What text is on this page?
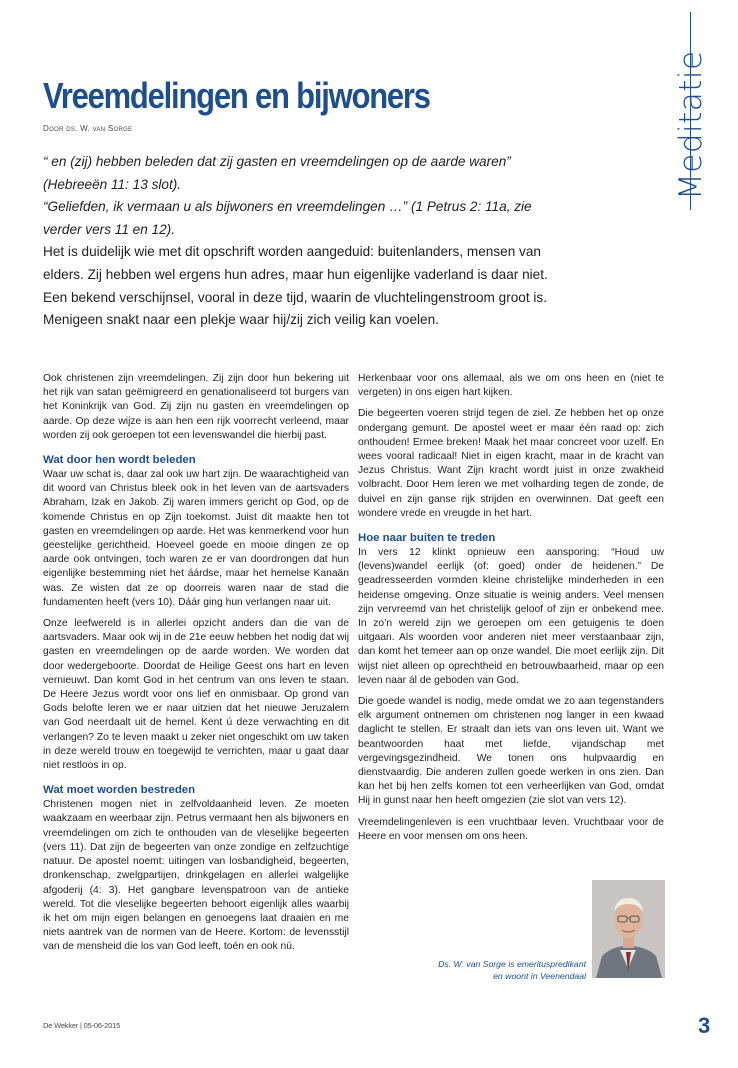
Meditatie
Vreemdelingen en bijwoners
Door ds. W. van Sorge

“ en (zij) hebben beleden dat zij gasten en vreemdelingen op de aarde waren” (Hebreeën 11: 13 slot).

“Geliefden, ik vermaan u als bijwoners en vreemdelingen …” (1 Petrus 2: 11a, zie verder vers 11 en 12).

Het is duidelijk wie met dit opschrift worden aangeduid: buitenlanders, mensen van elders. Zij hebben wel ergens hun adres, maar hun eigenlijke vaderland is daar niet. Een bekend verschijnsel, vooral in deze tijd, waarin de vluchtelingenstroom groot is. Menigeen snakt naar een plekje waar hij/zij zich veilig kan voelen.

Ook christenen zijn vreemdelingen. Zij zijn door hun bekering uit het rijk van satan geëmigreerd en genationaliseerd tot burgers van het Koninkrijk van God. Zij zijn nu gasten en vreemdelingen op aarde. Op deze wijze is aan hen een rijk voorrecht verleend, maar worden zij ook geroepen tot een levenswandel die hierbij past.

Wat door hen wordt beleden

Waar uw schat is, daar zal ook uw hart zijn. De waarachtigheid van dit woord van Christus bleek ook in het leven van de aartsvaders Abraham, Izak en Jakob. Zij waren immers gericht op God, op de komende Christus en op Zijn toekomst. Juist dit maakte hen tot gasten en vreemdelingen op aarde. Het was kenmerkend voor hun geestelijke gerichtheid. Hoeveel goede en mooie dingen ze op aarde ook ontvingen, toch waren ze er van doordrongen dat hun eigenlijke bestemming niet het áárdse, maar het hemelse Kanaän was. Ze wisten dat ze op doorreis waren naar de stad die fundamenten heeft (vers 10). Dáár ging hun verlangen naar uit.

Onze leefwereld is in allerlei opzicht anders dan die van de aartsvaders. Maar ook wij in de 21e eeuw hebben het nodig dat wij gasten en vreemdelingen op de aarde worden. We worden dat door wedergeboorte. Doordat de Heilige Geest ons hart en leven vernieuwt. Dan komt God in het centrum van ons leven te staan. De Heere Jezus wordt voor ons lief en onmisbaar. Op grond van Gods belofte leren we er naar uitzien dat het nieuwe Jeruzalem van God neerdaalt uit de hemel. Kent ú deze verwachting en dit verlangen? Zo te leven maakt u zeker niet ongeschikt om uw taken in deze wereld trouw en toegewijd te verrichten, maar u gaat daar niet restloos in op.

Wat moet worden bestreden

Christenen mogen niet in zelfvoldaanheid leven. Ze moeten waakzaam en weerbaar zijn. Petrus vermaant hen als bijwoners en vreemdelingen om zich te onthouden van de vleselijke begeerten (vers 11). Dat zijn de begeerten van onze zondige en zelfzuchtige natuur. De apostel noemt: uitingen van losbandigheid, begeerten, dronkenschap, zwelgpartijen, drinkgelagen en allerlei walgelijke afgoderij (4: 3). Het gangbare levenspatroon van de antieke wereld. Tot die vleselijke begeerten behoort eigenlijk alles waarbij ik het om mijn eigen belangen en genoegens laat draaien en me niets aantrek van de normen van de Heere. Kortom: de levensstijl van de mensheid die los van God leeft, toén en ook nú.

Herkenbaar voor ons allemaal, als we om ons heen en (niet te vergeten) in ons eigen hart kijken.

Die begeerten voeren strijd tegen de ziel. Ze hebben het op onze ondergang gemunt. De apostel weet er maar één raad op: zich onthouden! Ermee breken! Maak het maar concreet voor uzelf. En wees vooral radicaal! Niet in eigen kracht, maar in de kracht van Jezus Christus. Want Zijn kracht wordt juist in onze zwakheid volbracht. Door Hem leren we met volharding tegen de zonde, de duivel en zijn ganse rijk strijden en overwinnen. Dat geeft een wondere vrede en vreugde in het hart.

Hoe naar buiten te treden

In vers 12 klinkt opnieuw een aansporing: “Houd uw (levens)wandel eerlijk (of: goed) onder de heidenen.” De geadresseerden vormden kleine christelijke minderheden in een heidense omgeving. Onze situatie is weinig anders. Veel mensen zijn vervreemd van het christelijk geloof of zijn er onbekend mee. In zo’n wereld zijn we geroepen om een getuigenis te doen uitgaan. Als woorden voor anderen niet meer verstaanbaar zijn, dan komt het temeer aan op onze wandel. Die moet eerlijk zijn. Dit wijst niet alleen op oprechtheid en betrouwbaarheid, maar op een leven naar ál de geboden van God.

Die goede wandel is nodig, mede omdat we zo aan tegenstanders elk argument ontnemen om christenen nog langer in een kwaad daglicht te stellen. Er straalt dan iets van ons leven uit. Want we beantwoorden haat met liefde, vijandschap met vergevingsgezindheid. We tonen ons hulpvaardig en dienstvaardig. Die anderen zullen goede werken in ons zien. Dan kan het bij hen zelfs komen tot een verheerlijken van God, omdat Hij in gunst naar hen heeft omgezien (zie slot van vers 12).

Vreemdelingenleven is een vruchtbaar leven. Vruchtbaar voor de Heere en voor mensen om ons heen.

Ds. W. van Sorge is emerituspredikant
en woont in Veenendaal
De Wekker | 05-06-2015	3
